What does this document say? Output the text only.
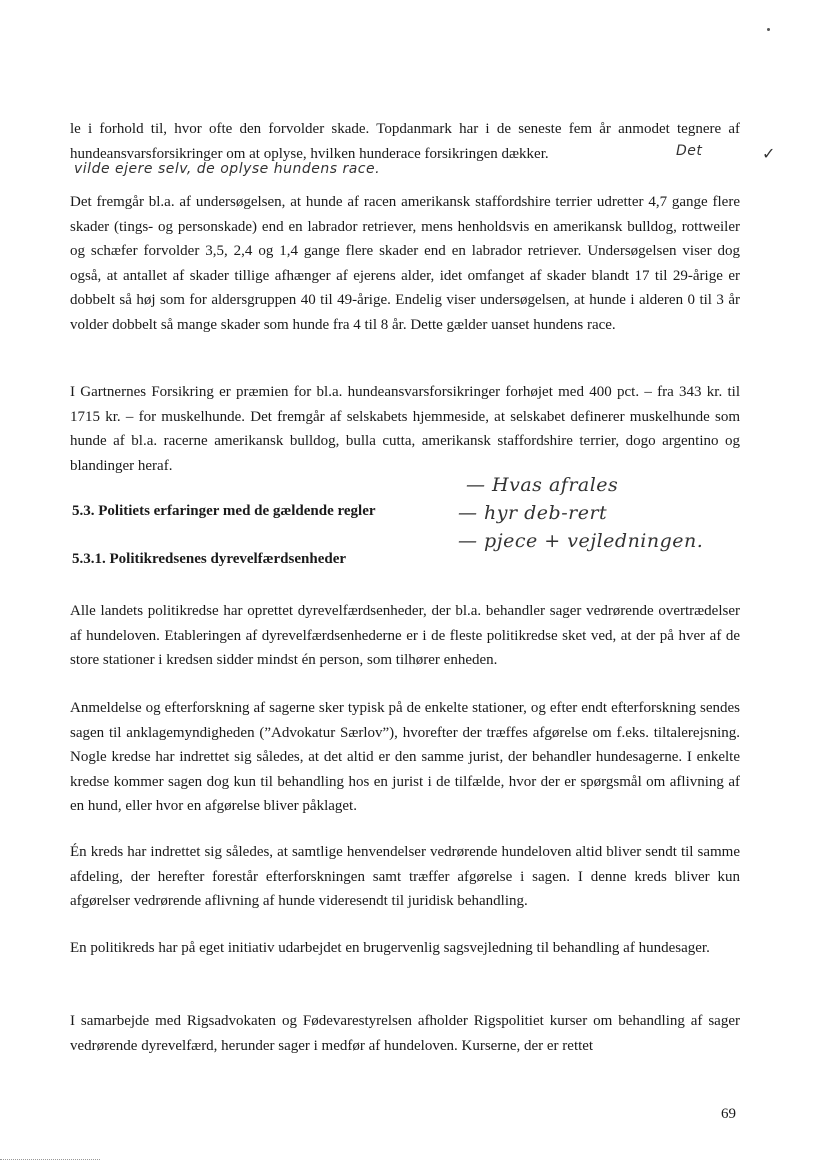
le i forhold til, hvor ofte den forvolder skade. Topdanmark har i de seneste fem år anmodet tegnere af hundeansvarsforsikringer om at oplyse, hvilken hunderace forsikringen dækker.	Det	✓
vilde ejere selv, de oplyse hundens race.

Det fremgår bl.a. af undersøgelsen, at hunde af racen amerikansk staffordshire terrier udretter 4,7 gange flere skader (tings- og personskade) end en labrador retriever, mens henholdsvis en amerikansk bulldog, rottweiler og schæfer forvolder 3,5, 2,4 og 1,4 gange flere skader end en labrador retriever. Undersøgelsen viser dog også, at antallet af skader tillige afhænger af ejerens alder, idet omfanget af skader blandt 17 til 29-årige er dobbelt så høj som for aldersgruppen 40 til 49-årige. Endelig viser undersøgelsen, at hunde i alderen 0 til 3 år volder dobbelt så mange skader som hunde fra 4 til 8 år. Dette gælder uanset hundens race.

I Gartnernes Forsikring er præmien for bl.a. hundeansvarsforsikringer forhøjet med 400 pct. – fra 343 kr. til 1715 kr. – for muskelhunde. Det fremgår af selskabets hjemmeside, at selskabet definerer muskelhunde som hunde af bl.a. racerne amerikansk bulldog, bulla cutta, amerikansk staffordshire terrier, dogo argentino og blandinger heraf.

— Hvas afrales
— hyr deb-rert
— pjece + vejledningen.
5.3. Politiets erfaringer med de gældende regler
5.3.1. Politikredsenes dyrevelfærdsenheder

Alle landets politikredse har oprettet dyrevelfærdsenheder, der bl.a. behandler sager vedrørende overtrædelser af hundeloven. Etableringen af dyrevelfærdsenhederne er i de fleste politikredse sket ved, at der på hver af de store stationer i kredsen sidder mindst én person, som tilhører enheden.

Anmeldelse og efterforskning af sagerne sker typisk på de enkelte stationer, og efter endt efterforskning sendes sagen til anklagemyndigheden (”Advokatur Særlov”), hvorefter der træffes afgørelse om f.eks. tiltalerejsning. Nogle kredse har indrettet sig således, at det altid er den samme jurist, der behandler hundesagerne. I enkelte kredse kommer sagen dog kun til behandling hos en jurist i de tilfælde, hvor der er spørgsmål om aflivning af en hund, eller hvor en afgørelse bliver påklaget.

Én kreds har indrettet sig således, at samtlige henvendelser vedrørende hundeloven altid bliver sendt til samme afdeling, der herefter forestår efterforskningen samt træffer afgørelse i sagen. I denne kreds bliver kun afgørelser vedrørende aflivning af hunde videresendt til juridisk behandling.

En politikreds har på eget initiativ udarbejdet en brugervenlig sagsvejledning til behandling af hundesager.

I samarbejde med Rigsadvokaten og Fødevarestyrelsen afholder Rigspolitiet kurser om behandling af sager vedrørende dyrevelfærd, herunder sager i medfør af hundeloven. Kurserne, der er rettet

69
